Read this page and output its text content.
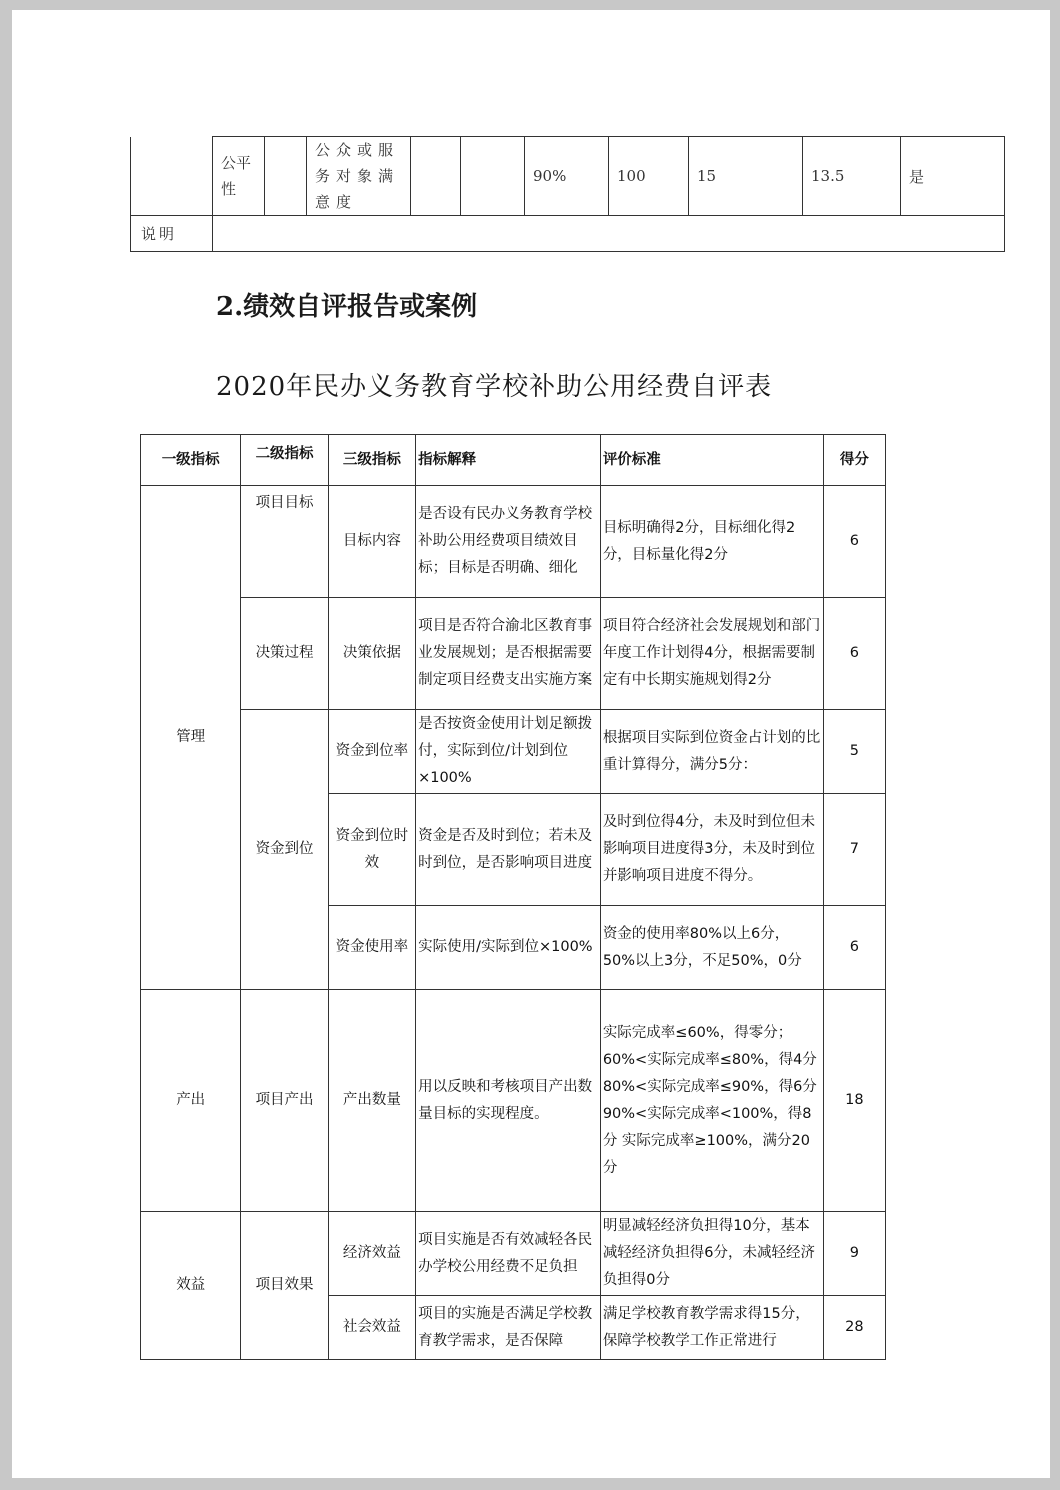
	公平性		公众或服务对象满意度			90%	100	15	13.5	是
说明										
2.绩效自评报告或案例
2020年民办义务教育学校补助公用经费自评表
一级指标	二级指标	三级指标	指标解释	评价标准	得分
管理	项目目标	目标内容	是否设有民办义务教育学校补助公用经费项目绩效目标；目标是否明确、细化	目标明确得2分，目标细化得2分，目标量化得2分	6
	决策过程	决策依据	项目是否符合渝北区教育事业发展规划；是否根据需要制定项目经费支出实施方案	项目符合经济社会发展规划和部门年度工作计划得4分，根据需要制定有中长期实施规划得2分	6
	资金到位	资金到位率	是否按资金使用计划足额拨付，实际到位/计划到位×100%	根据项目实际到位资金占计划的比重计算得分，满分5分：	5
		资金到位时效	资金是否及时到位；若未及时到位，是否影响项目进度	及时到位得4分，未及时到位但未影响项目进度得3分，未及时到位并影响项目进度不得分。	7
		资金使用率	实际使用/实际到位×100%	资金的使用率80%以上6分，50%以上3分，不足50%，0分	6
产出	项目产出	产出数量	用以反映和考核项目产出数量目标的实现程度。	实际完成率≤60%，得零分；60%<实际完成率≤80%，得4分 80%<实际完成率≤90%，得6分 90%<实际完成率<100%，得8分 实际完成率≥100%，满分20分	18
效益	项目效果	经济效益	项目实施是否有效减轻各民办学校公用经费不足负担	明显减轻经济负担得10分，基本减轻经济负担得6分，未减轻经济负担得0分	9
		社会效益	项目的实施是否满足学校教育教学需求，是否保障	满足学校教育教学需求得15分，保障学校教学工作正常进行	28
